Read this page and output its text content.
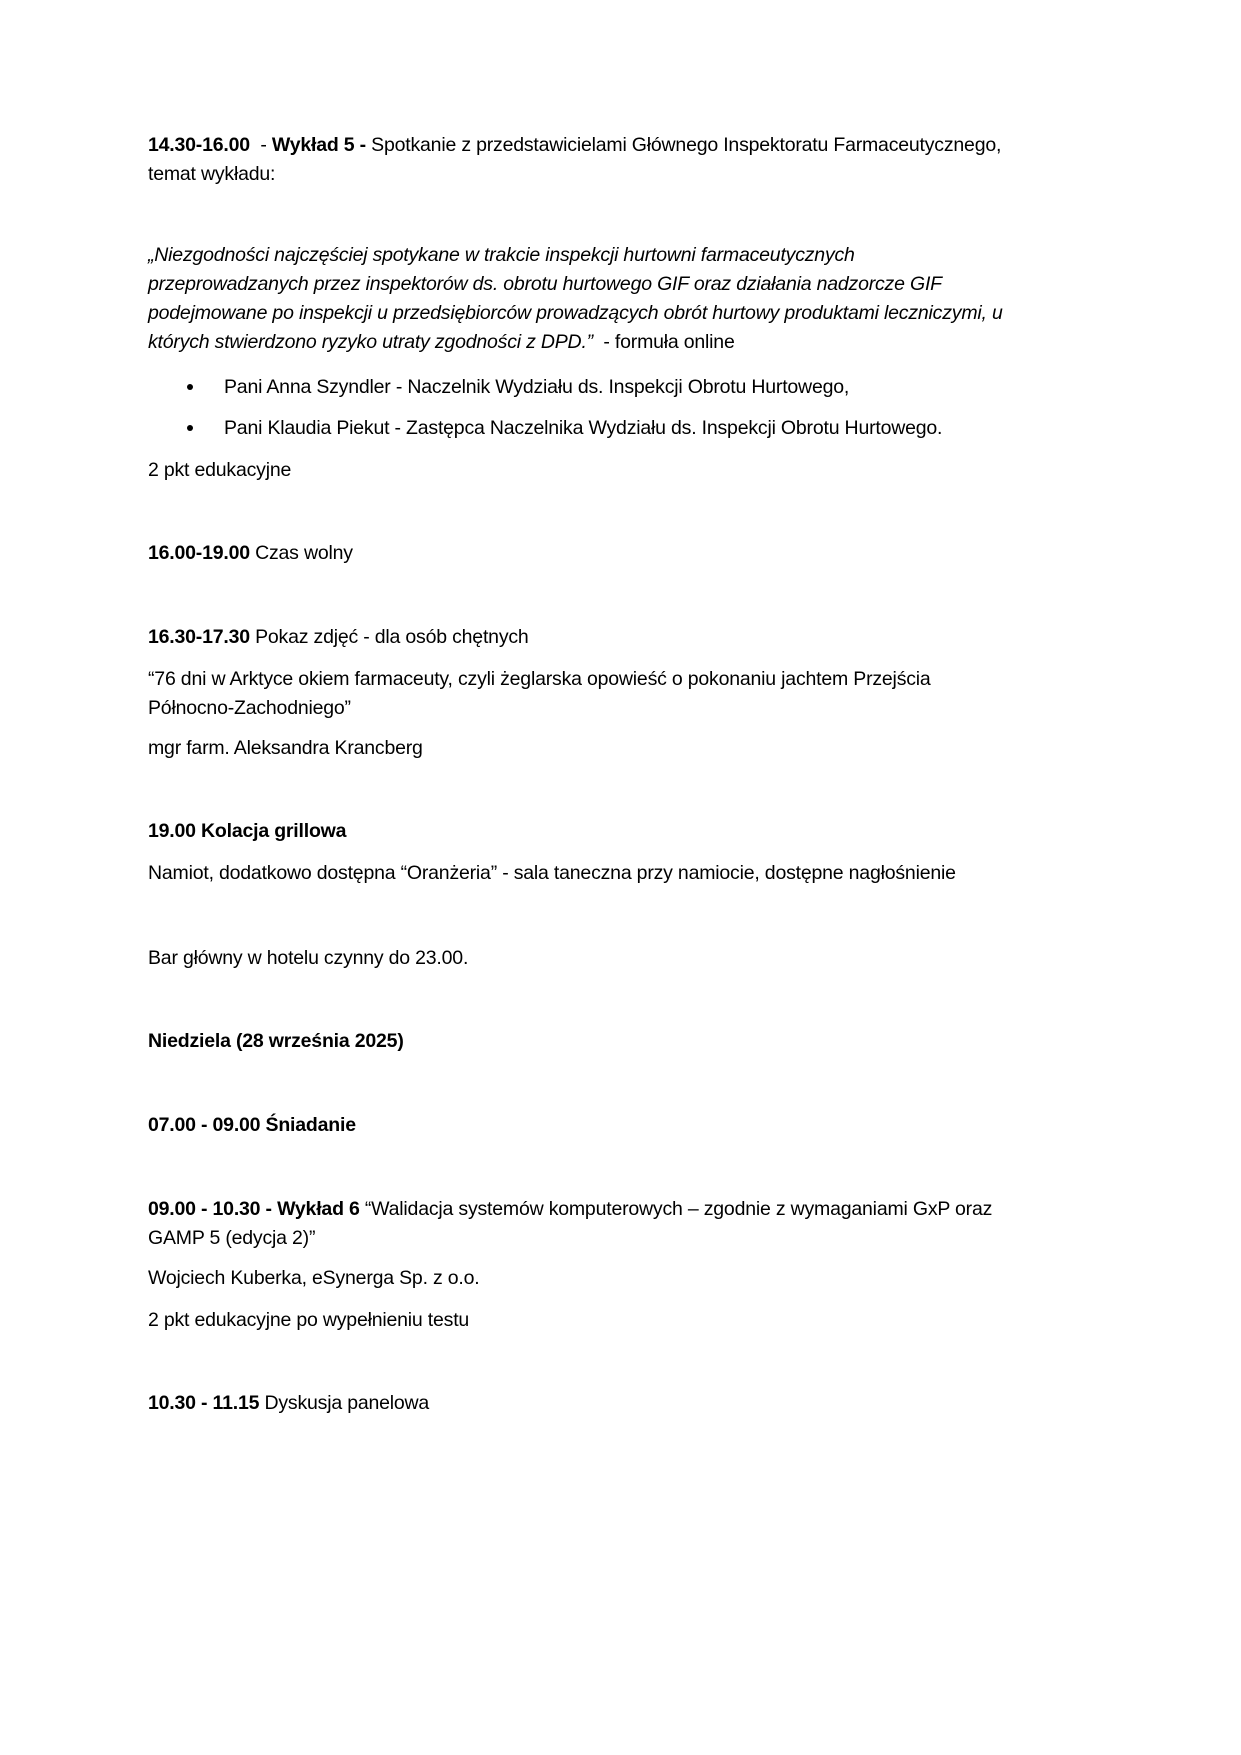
14.30-16.00  - Wykład 5 - Spotkanie z przedstawicielami Głównego Inspektoratu Farmaceutycznego,
temat wykładu:
„Niezgodności najczęściej spotykane w trakcie inspekcji hurtowni farmaceutycznych
przeprowadzanych przez inspektorów ds. obrotu hurtowego GIF oraz działania nadzorcze GIF
podejmowane po inspekcji u przedsiębiorców prowadzących obrót hurtowy produktami leczniczymi, u
których stwierdzono ryzyko utraty zgodności z DPD.”  - formuła online
Pani Anna Szyndler - Naczelnik Wydziału ds. Inspekcji Obrotu Hurtowego,
Pani Klaudia Piekut - Zastępca Naczelnika Wydziału ds. Inspekcji Obrotu Hurtowego.
2 pkt edukacyjne
16.00-19.00 Czas wolny
16.30-17.30 Pokaz zdjęć - dla osób chętnych
“76 dni w Arktyce okiem farmaceuty, czyli żeglarska opowieść o pokonaniu jachtem Przejścia
Północno-Zachodniego”
mgr farm. Aleksandra Krancberg
19.00 Kolacja grillowa
Namiot, dodatkowo dostępna “Oranżeria” - sala taneczna przy namiocie, dostępne nagłośnienie
Bar główny w hotelu czynny do 23.00.
Niedziela (28 września 2025)
07.00 - 09.00 Śniadanie
09.00 - 10.30 - Wykład 6 “Walidacja systemów komputerowych – zgodnie z wymaganiami GxP oraz
GAMP 5 (edycja 2)”
Wojciech Kuberka, eSynerga Sp. z o.o.
2 pkt edukacyjne po wypełnieniu testu
10.30 - 11.15 Dyskusja panelowa
